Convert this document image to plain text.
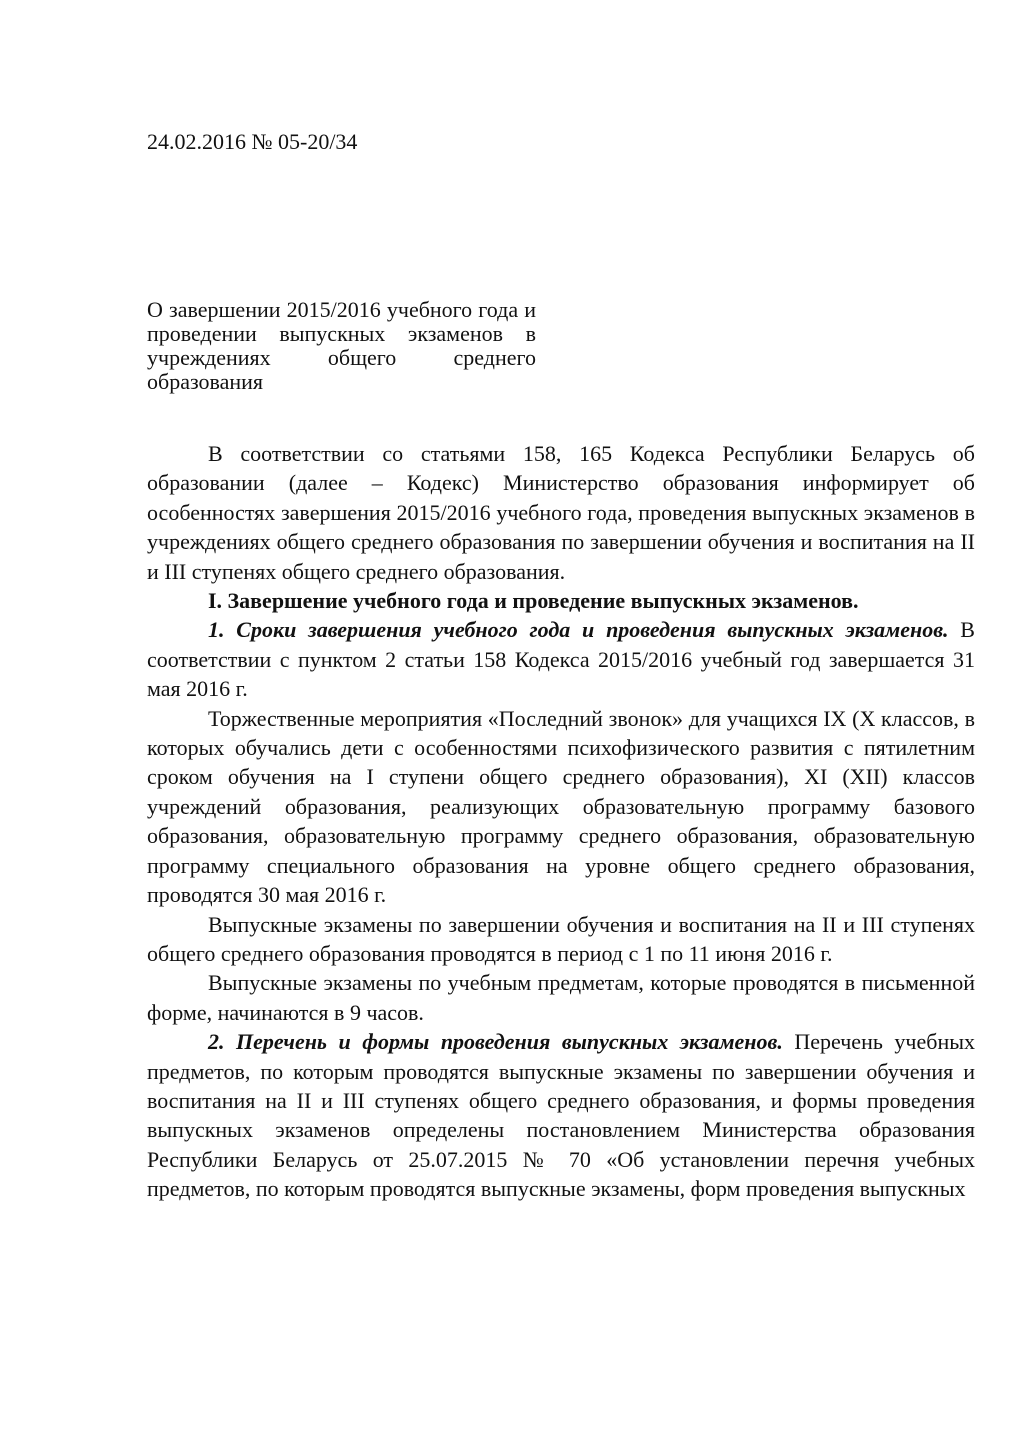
24.02.2016 № 05-20/34
О завершении 2015/2016 учебного года и проведении выпускных экзаменов в учреждениях общего среднего образования

В соответствии со статьями 158, 165 Кодекса Республики Беларусь об образовании (далее – Кодекс) Министерство образования информирует об особенностях завершения 2015/2016 учебного года, проведения выпускных экзаменов в учреждениях общего среднего образования по завершении обучения и воспитания на II и III ступенях общего среднего образования.

I. Завершение учебного года и проведение выпускных экзаменов.

1. Сроки завершения учебного года и проведения выпускных экзаменов. В соответствии с пунктом 2 статьи 158 Кодекса 2015/2016 учебный год завершается 31 мая 2016 г.

Торжественные мероприятия «Последний звонок» для учащихся IX (X классов, в которых обучались дети с особенностями психофизического развития с пятилетним сроком обучения на I ступени общего среднего образования), XI (XII) классов учреждений образования, реализующих образовательную программу базового образования, образовательную программу среднего образования, образовательную программу специального образования на уровне общего среднего образования, проводятся 30 мая 2016 г.

Выпускные экзамены по завершении обучения и воспитания на II и III ступенях общего среднего образования проводятся в период с 1 по 11 июня 2016 г.

Выпускные экзамены по учебным предметам, которые проводятся в письменной форме, начинаются в 9 часов.

2. Перечень и формы проведения выпускных экзаменов. Перечень учебных предметов, по которым проводятся выпускные экзамены по завершении обучения и воспитания на II и III ступенях общего среднего образования, и формы проведения выпускных экзаменов определены постановлением Министерства образования Республики Беларусь от 25.07.2015 № 70 «Об установлении перечня учебных предметов, по которым проводятся выпускные экзамены, форм проведения выпускных
